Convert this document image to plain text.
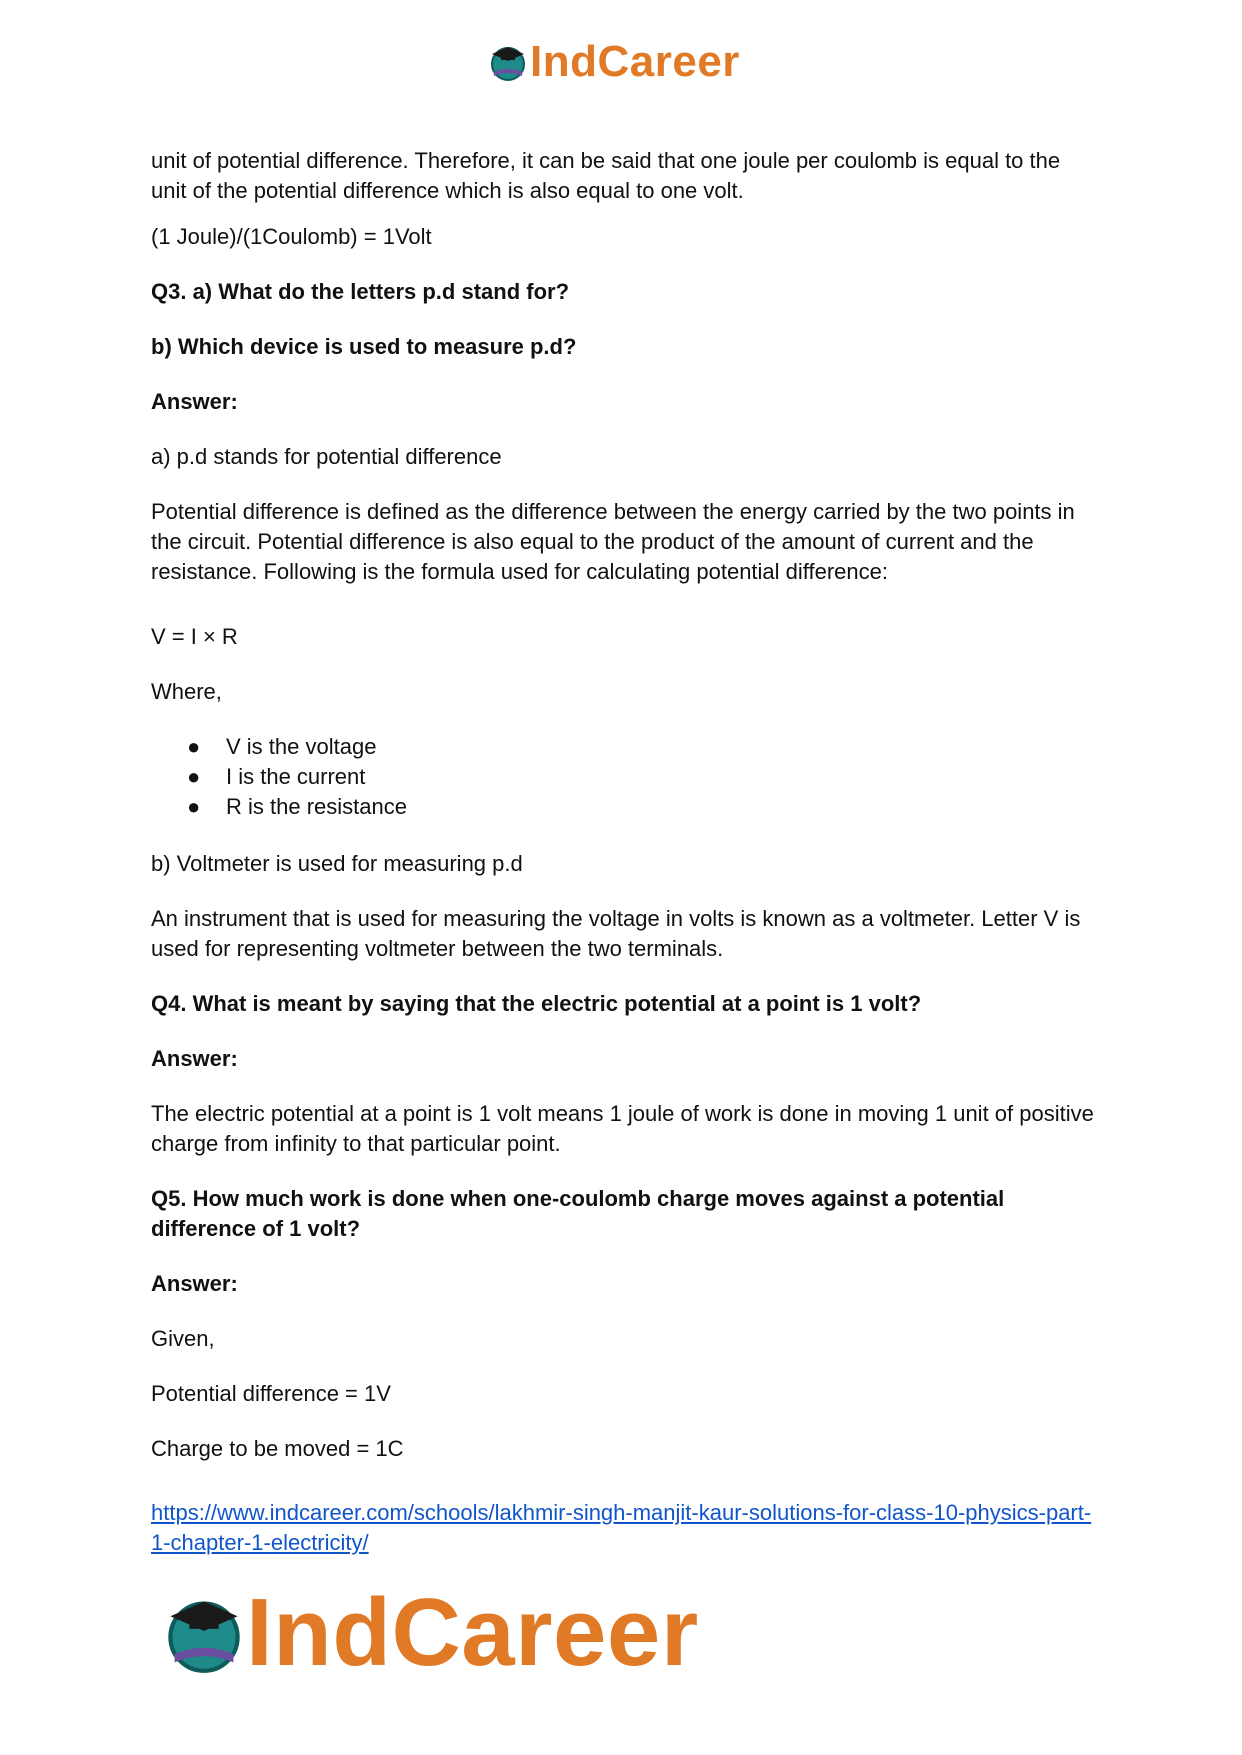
IndCareer

unit of potential difference. Therefore, it can be said that one joule per coulomb is equal to the unit of the potential difference which is also equal to one volt.

(1 Joule)/(1Coulomb) = 1Volt

Q3. a) What do the letters p.d stand for?

b) Which device is used to measure p.d?

Answer:

a) p.d stands for potential difference

Potential difference is defined as the difference between the energy carried by the two points in the circuit. Potential difference is also equal to the product of the amount of current and the resistance. Following is the formula used for calculating potential difference:

V = I × R

Where,

● V is the voltage
● I is the current
● R is the resistance

b) Voltmeter is used for measuring p.d

An instrument that is used for measuring the voltage in volts is known as a voltmeter. Letter V is used for representing voltmeter between the two terminals.

Q4. What is meant by saying that the electric potential at a point is 1 volt?

Answer:

The electric potential at a point is 1 volt means 1 joule of work is done in moving 1 unit of positive charge from infinity to that particular point.

Q5. How much work is done when one-coulomb charge moves against a potential difference of 1 volt?

Answer:

Given,

Potential difference = 1V

Charge to be moved = 1C

https://www.indcareer.com/schools/lakhmir-singh-manjit-kaur-solutions-for-class-10-physics-part-1-chapter-1-electricity/

IndCareer
